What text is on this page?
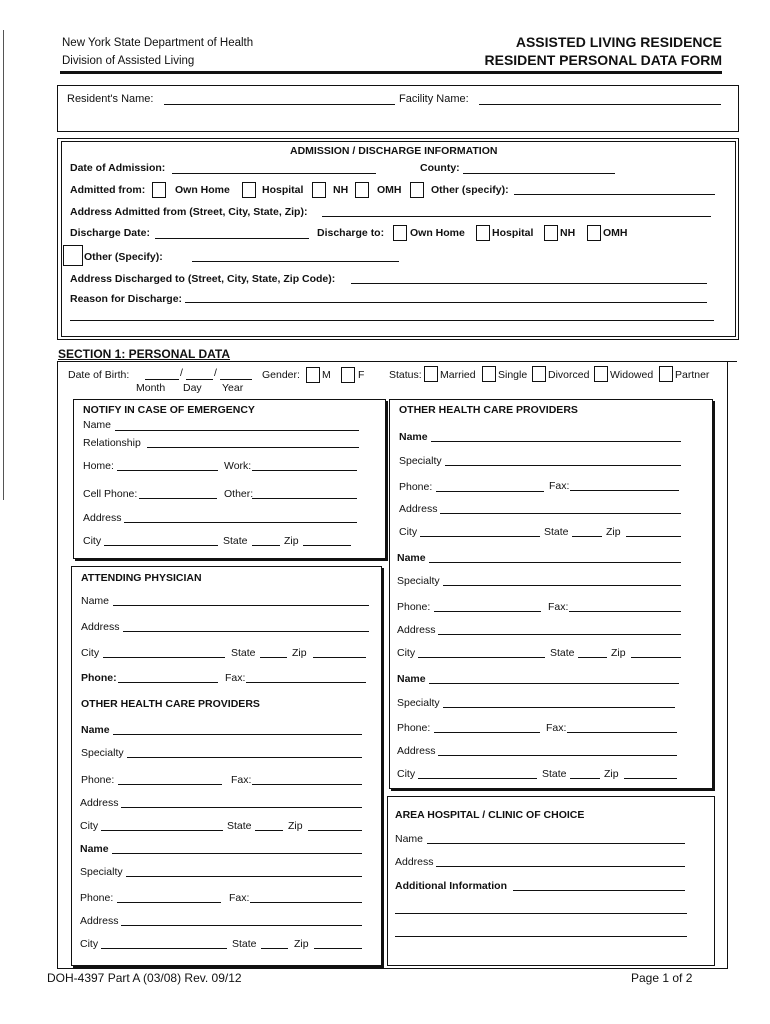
New York State Department of Health
Division of Assisted Living
ASSISTED LIVING RESIDENCE
RESIDENT PERSONAL DATA FORM
Resident's Name:	Facility Name:
ADMISSION / DISCHARGE INFORMATION
Date of Admission:	County:
Admitted from:	Own Home	Hospital	NH	OMH	Other (specify):
Address Admitted from (Street, City, State, Zip):
Discharge Date:	Discharge to: Own Home	Hospital	NH	OMH
Other (Specify):
Address Discharged to (Street, City, State, Zip Code):
Reason for Discharge:
SECTION 1: PERSONAL DATA
Date of Birth:	/	/
Month Day Year
Gender: M	F Status: Married Single Divorced Widowed Partner
NOTIFY IN CASE OF EMERGENCY
Name
Relationship
Home:	Work:
Cell Phone:	Other:
Address
City	State	Zip
ATTENDING PHYSICIAN
Name
Address
City	State	Zip
Phone:	Fax:
OTHER HEALTH CARE PROVIDERS
Name
Specialty
Phone:	Fax:
Address
City	State	Zip
Name
Specialty
Phone:	Fax:
Address
City	State	Zip
OTHER HEALTH CARE PROVIDERS
Name
Specialty
Phone:	Fax:
Address
City	State	Zip
Name
Specialty
Phone:	Fax:
Address
City	State	Zip
Name
Specialty
Phone:	Fax:
Address
City	State	Zip
AREA HOSPITAL / CLINIC OF CHOICE
Name
Address
Additional Information
DOH-4397 Part A (03/08) Rev. 09/12	Page 1 of 2
